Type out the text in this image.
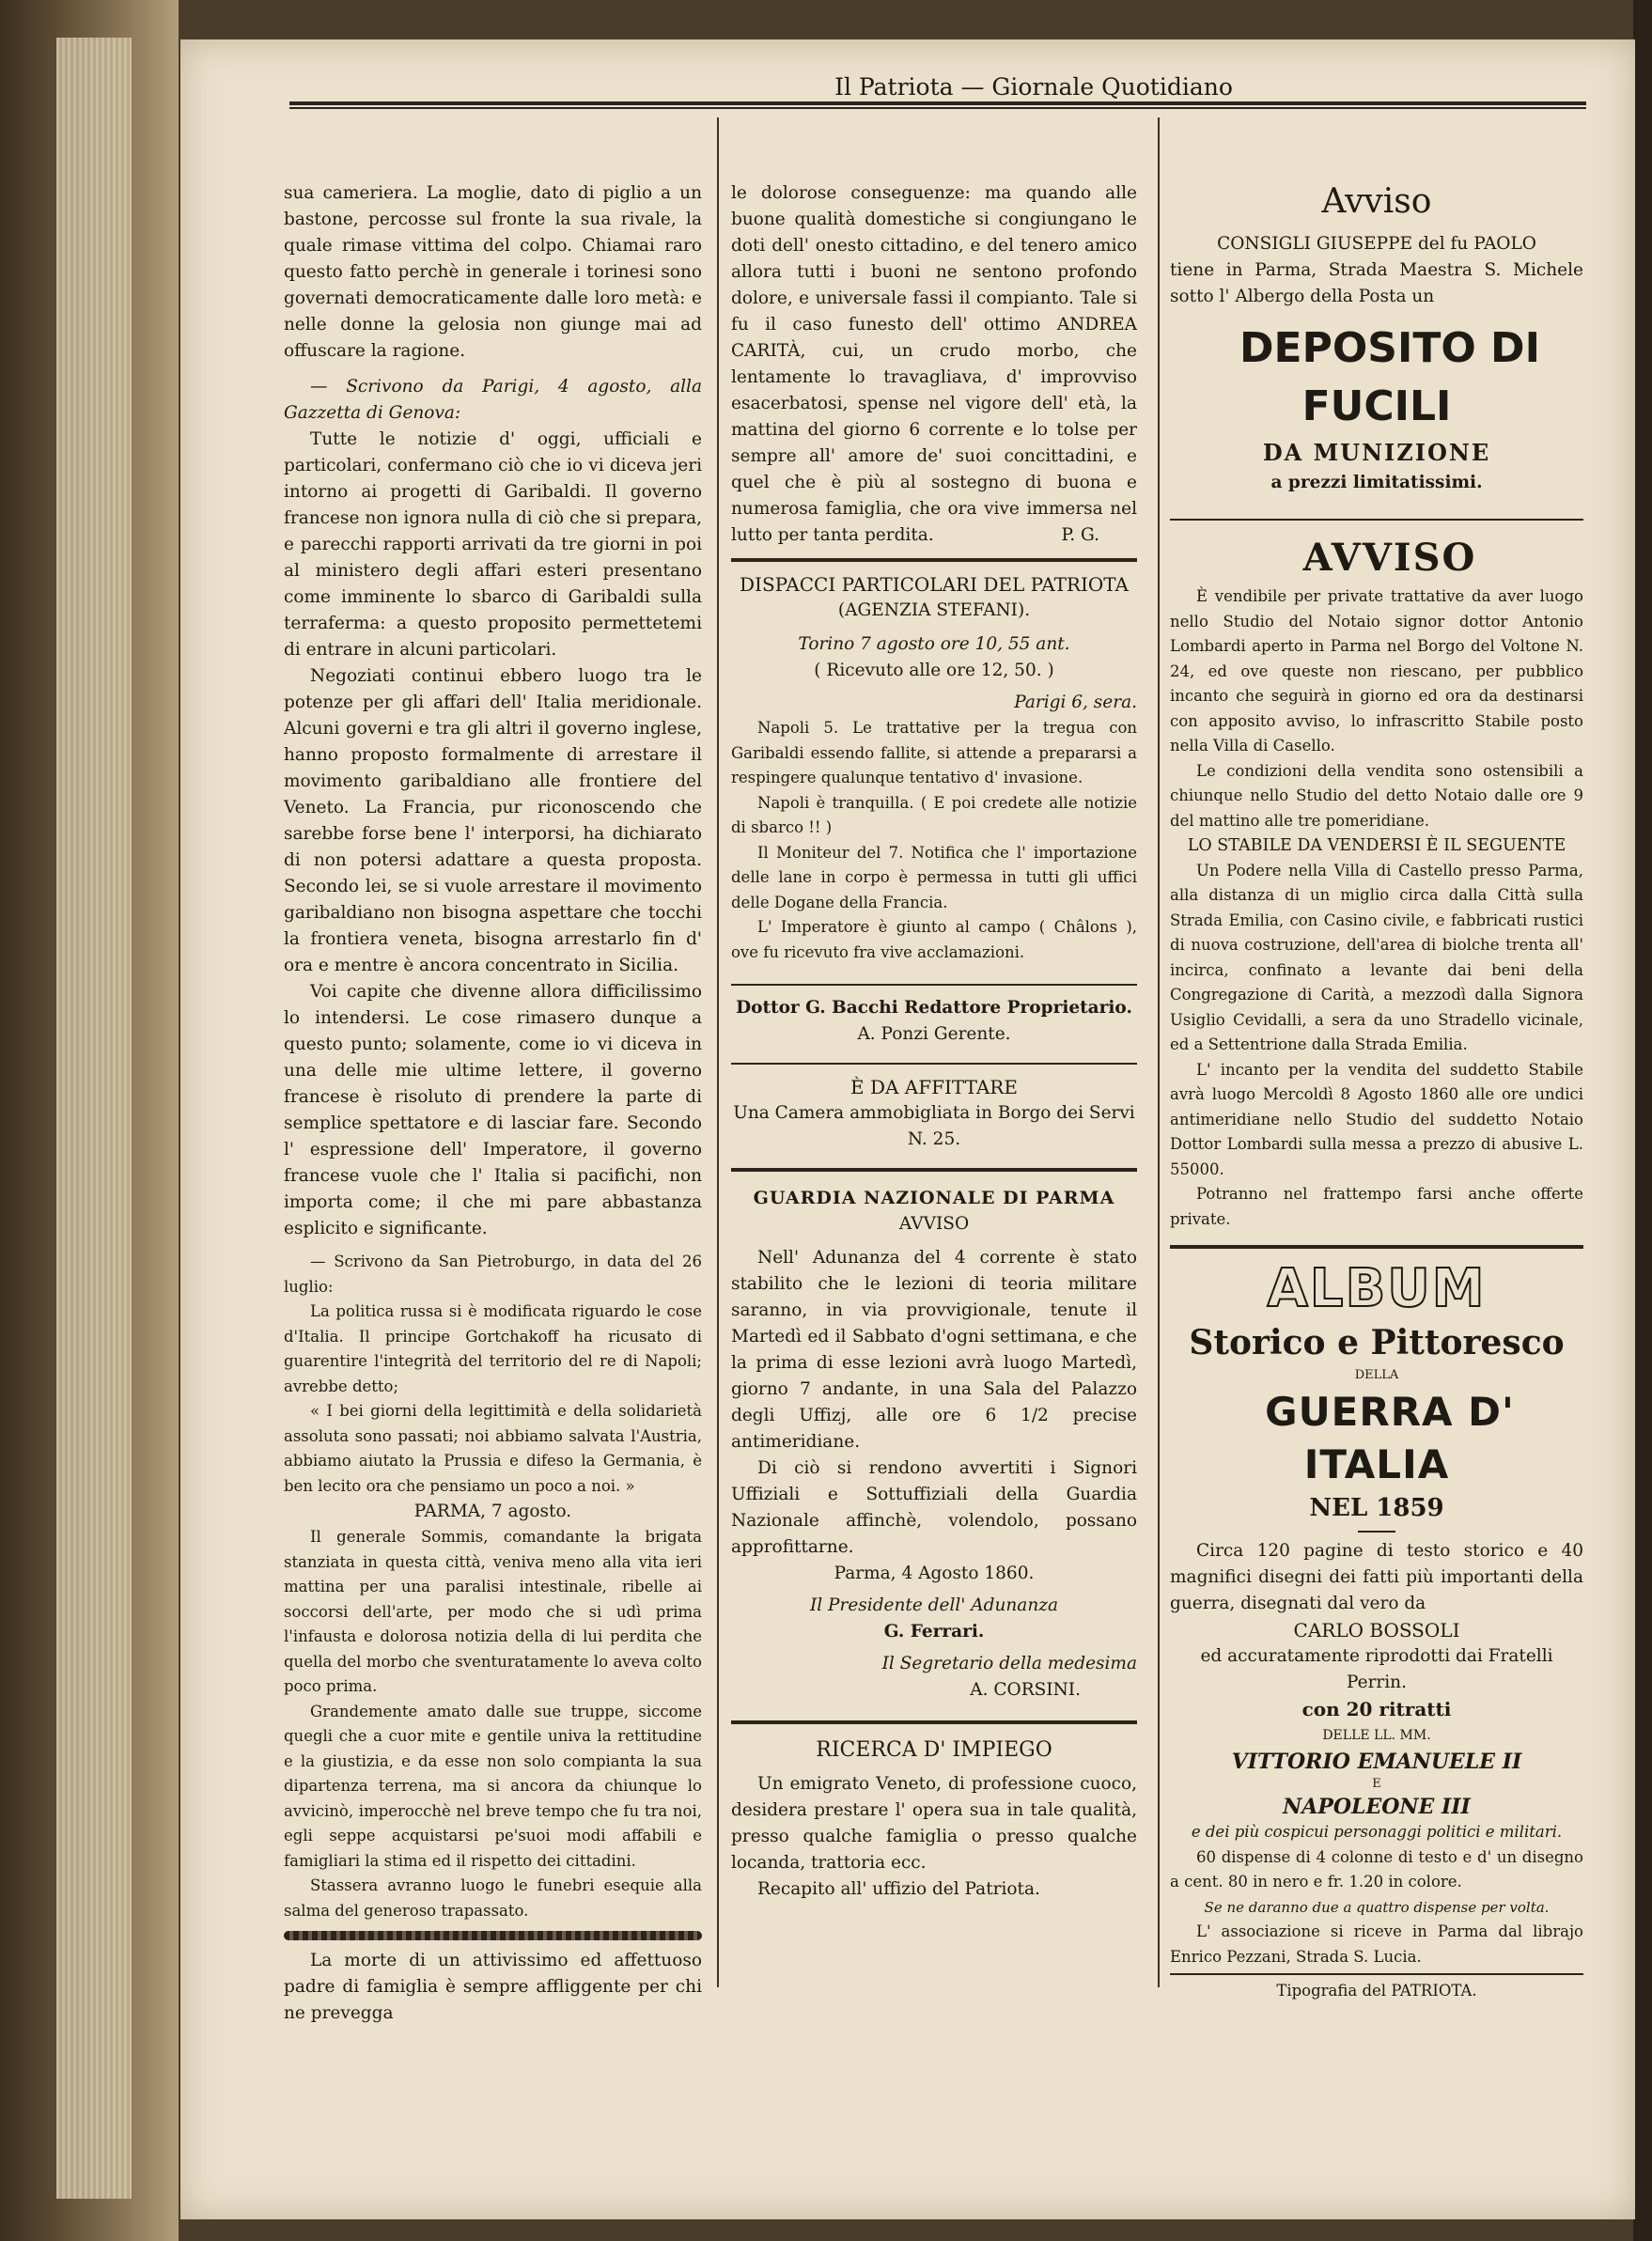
Il Patriota — Giornale Quotidiano

sua cameriera. La moglie, dato di piglio a un bastone, percosse sul fronte la sua rivale, la quale rimase vittima del colpo. Chiamai raro questo fatto perchè in generale i torinesi sono governati democraticamente dalle loro metà: e nelle donne la gelosia non giunge mai ad offuscare la ragione.

— Scrivono da Parigi, 4 agosto, alla Gazzetta di Genova:

Tutte le notizie d' oggi, ufficiali e particolari, confermano ciò che io vi diceva jeri intorno ai progetti di Garibaldi. Il governo francese non ignora nulla di ciò che si prepara, e parecchi rapporti arrivati da tre giorni in poi al ministero degli affari esteri presentano come imminente lo sbarco di Garibaldi sulla terraferma: a questo proposito permettetemi di entrare in alcuni particolari.

Negoziati continui ebbero luogo tra le potenze per gli affari dell' Italia meridionale. Alcuni governi e tra gli altri il governo inglese, hanno proposto formalmente di arrestare il movimento garibaldiano alle frontiere del Veneto. La Francia, pur riconoscendo che sarebbe forse bene l' interporsi, ha dichiarato di non potersi adattare a questa proposta. Secondo lei, se si vuole arrestare il movimento garibaldiano non bisogna aspettare che tocchi la frontiera veneta, bisogna arrestarlo fin d' ora e mentre è ancora concentrato in Sicilia.

Voi capite che divenne allora difficilissimo lo intendersi. Le cose rimasero dunque a questo punto; solamente, come io vi diceva in una delle mie ultime lettere, il governo francese è risoluto di prendere la parte di semplice spettatore e di lasciar fare. Secondo l' espressione dell' Imperatore, il governo francese vuole che l' Italia si pacifichi, non importa come; il che mi pare abbastanza esplicito e significante.

— Scrivono da San Pietroburgo, in data del 26 luglio:

La politica russa si è modificata riguardo le cose d'Italia. Il principe Gortchakoff ha ricusato di guarentire l'integrità del territorio del re di Napoli; avrebbe detto;

« I bei giorni della legittimità e della solidarietà assoluta sono passati; noi abbiamo salvata l'Austria, abbiamo aiutato la Prussia e difeso la Germania, è ben lecito ora che pensiamo un poco a noi. »

PARMA, 7 agosto.

Il generale Sommis, comandante la brigata stanziata in questa città, veniva meno alla vita ieri mattina per una paralisi intestinale, ribelle ai soccorsi dell'arte, per modo che si udì prima l'infausta e dolorosa notizia della di lui perdita che quella del morbo che sventuratamente lo aveva colto poco prima.

Grandemente amato dalle sue truppe, siccome quegli che a cuor mite e gentile univa la rettitudine e la giustizia, e da esse non solo compianta la sua dipartenza terrena, ma si ancora da chiunque lo avvicinò, imperocchè nel breve tempo che fu tra noi, egli seppe acquistarsi pe'suoi modi affabili e famigliari la stima ed il rispetto dei cittadini.

Stassera avranno luogo le funebri esequie alla salma del generoso trapassato.

La morte di un attivissimo ed affettuoso padre di famiglia è sempre affliggente per chi ne prevegga

le dolorose conseguenze: ma quando alle buone qualità domestiche si congiungano le doti dell' onesto cittadino, e del tenero amico allora tutti i buoni ne sentono profondo dolore, e universale fassi il compianto. Tale si fu il caso funesto dell' ottimo ANDREA CARITÀ, cui, un crudo morbo, che lentamente lo travagliava, d' improvviso esacerbatosi, spense nel vigore dell' età, la mattina del giorno 6 corrente e lo tolse per sempre all' amore de' suoi concittadini, e quel che è più al sostegno di buona e numerosa famiglia, che ora vive immersa nel lutto per tanta perdita.	P. G.

DISPACCI PARTICOLARI DEL PATRIOTA

(AGENZIA STEFANI).

Torino 7 agosto ore 10, 55 ant.

( Ricevuto alle ore 12, 50. )

Parigi 6, sera.

Napoli 5. Le trattative per la tregua con Garibaldi essendo fallite, si attende a prepararsi a respingere qualunque tentativo d' invasione.

Napoli è tranquilla. ( E poi credete alle notizie di sbarco !! )

Il Moniteur del 7. Notifica che l' importazione delle lane in corpo è permessa in tutti gli uffici delle Dogane della Francia.

L' Imperatore è giunto al campo ( Châlons ), ove fu ricevuto fra vive acclamazioni.

Dottor G. Bacchi Redattore Proprietario.

A. Ponzi Gerente.

È DA AFFITTARE

Una Camera ammobigliata in Borgo dei Servi N. 25.

GUARDIA NAZIONALE DI PARMA

AVVISO

Nell' Adunanza del 4 corrente è stato stabilito che le lezioni di teoria militare saranno, in via provvigionale, tenute il Martedì ed il Sabbato d'ogni settimana, e che la prima di esse lezioni avrà luogo Martedì, giorno 7 andante, in una Sala del Palazzo degli Uffizj, alle ore 6 1/2 precise antimeridiane.

Di ciò si rendono avvertiti i Signori Uffiziali e Sottuffiziali della Guardia Nazionale affinchè, volendolo, possano approfittarne.

Parma, 4 Agosto 1860.

Il Presidente dell' Adunanza

G. Ferrari.

Il Segretario della medesima

A. CORSINI.

RICERCA D' IMPIEGO

Un emigrato Veneto, di professione cuoco, desidera prestare l' opera sua in tale qualità, presso qualche famiglia o presso qualche locanda, trattoria ecc.

Recapito all' uffizio del Patriota.

Avviso

CONSIGLI GIUSEPPE del fu PAOLO

tiene in Parma, Strada Maestra S. Michele sotto l' Albergo della Posta un

DEPOSITO DI FUCILI

DA MUNIZIONE

a prezzi limitatissimi.

AVVISO

È vendibile per private trattative da aver luogo nello Studio del Notaio signor dottor Antonio Lombardi aperto in Parma nel Borgo del Voltone N. 24, ed ove queste non riescano, per pubblico incanto che seguirà in giorno ed ora da destinarsi con apposito avviso, lo infrascritto Stabile posto nella Villa di Casello.

Le condizioni della vendita sono ostensibili a chiunque nello Studio del detto Notaio dalle ore 9 del mattino alle tre pomeridiane.

LO STABILE DA VENDERSI È IL SEGUENTE

Un Podere nella Villa di Castello presso Parma, alla distanza di un miglio circa dalla Città sulla Strada Emilia, con Casino civile, e fabbricati rustici di nuova costruzione, dell'area di biolche trenta all' incirca, confinato a levante dai beni della Congregazione di Carità, a mezzodì dalla Signora Usiglio Cevidalli, a sera da uno Stradello vicinale, ed a Settentrione dalla Strada Emilia.

L' incanto per la vendita del suddetto Stabile avrà luogo Mercoldì 8 Agosto 1860 alle ore undici antimeridiane nello Studio del suddetto Notaio Dottor Lombardi sulla messa a prezzo di abusive L. 55000.

Potranno nel frattempo farsi anche offerte private.

ALBUM

Storico e Pittoresco

DELLA

GUERRA D' ITALIA

NEL 1859

Circa 120 pagine di testo storico e 40 magnifici disegni dei fatti più importanti della guerra, disegnati dal vero da

CARLO BOSSOLI

ed accuratamente riprodotti dai Fratelli Perrin.

con 20 ritratti

DELLE LL. MM.

VITTORIO EMANUELE II

E

NAPOLEONE III

e dei più cospicui personaggi politici e militari.

60 dispense di 4 colonne di testo e d' un disegno a cent. 80 in nero e fr. 1.20 in colore.

Se ne daranno due a quattro dispense per volta.

L' associazione si riceve in Parma dal librajo Enrico Pezzani, Strada S. Lucia.

Tipografia del PATRIOTA.
